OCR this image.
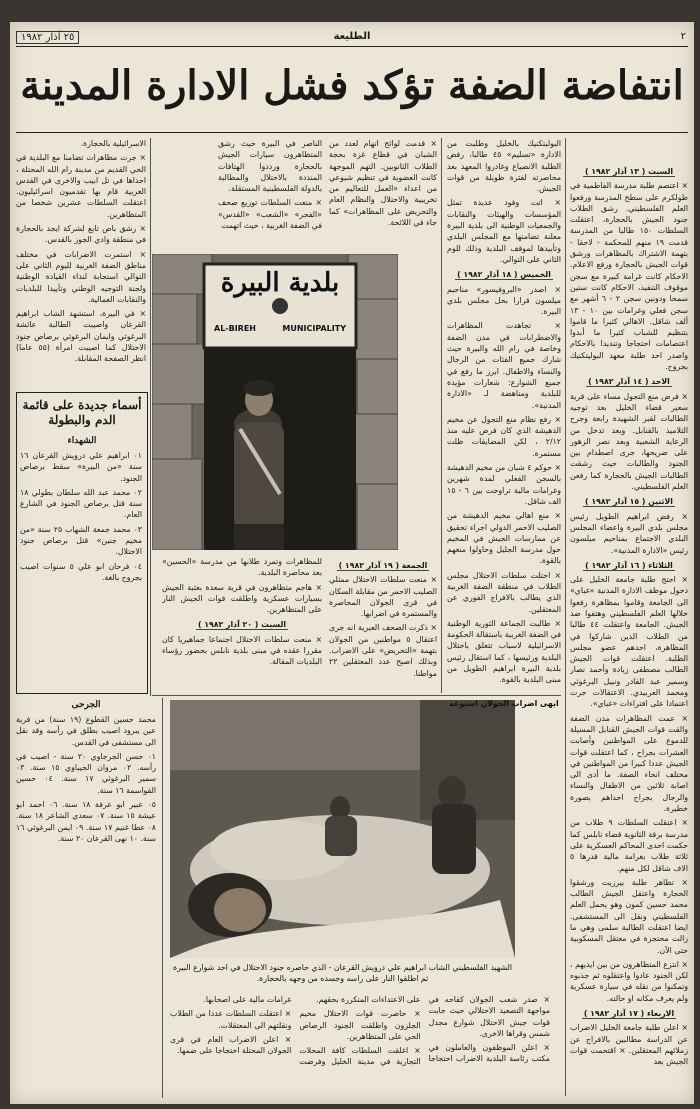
٢٥ آذار ١٩٨٢	الطليعة	٢
انتفاضة الضفة تؤكد فشل الادارة المدينة
السبت ( ١٣ آذار ١٩٨٢ )

× اعتصم طلبة مدرسة الفاطمية في طولكرم على سطح المدرسة ورفعوا العلم الفلسطيني. رشق الطلاب جنود الجيش بالحجارة، اعتقلت السلطات ١٥٠ طالبا من المدرسة قدمت ١٩ منهم للمحكمة - لاحقا - بتهمة الاشتراك بالمظاهرات ورشق قوات الجيش بالحجارة ورفع الاعلام. الاحكام كانت غرامة كبيرة مع سجن موقوف التنفيذ، الاحكام كانت ستين سمحا ودونين سجن ٢ - ٦ أشهر مع سجن فعلي وغرامات بين ١٠ - ١٣ ألف شاقل. الاهالي كثيرا ما قاموا بتنظيم للشباب كثيرا ما أبدوا اعتصامات احتجاجا وتنديدا بالاحكام واصدر احد طلبة معهد البوليتكنيك بجروح.

الاحد ( ١٤ آذار ١٩٨٢ )

× فرض منع التجول مساء على قرية سعير قضاء الخليل بعد توجيه الطالبات لقبر الشهيدة رابعة وجرح التلاميذ بالقنابل. وبعد تدخل من الرعاية الشعبية وبعد نصر الزهور على ضريحها، جرى اصطدام بين الجنود والطالبات حيث رشقت الطالبات الجيش بالحجارة كما رفعن العلم الفلسطيني.

الاثنين ( ١٥ آذار ١٩٨٢ )

× رفض ابراهيم الطويل رئيس مجلس بلدي البيرة واعضاء المجلس البلدي الاجتماع بمناحيم ميلسون رئيس «الادارة المدنية».

الثلاثاء ( ١٦ آذار ١٩٨٢ )

× احتج طلبة جامعة الخليل على دخول موظف الادارة المدنية «غباي» الى الجامعة وقاموا بمظاهرة رفعوا خلالها العلم الفلسطيني وهتفوا ضد الجيش. الجامعة واعتقلت ٤٤ طالبا من الطلاب الذين شاركوا في المظاهرة، احدهم عضو مجلس الطلبة. اعتقلت قوات الجيش الطالب مصطفى زيادة وأحمد نصار وسمير عبد القادر ونبيل البرغوثي ومحمد العربيدي. الاعتقالات جرت اعتمادا على افتراءات «غباي».

× عمت المظاهرات مدن الضفة والقت قوات الجيش القنابل المسيلة للدموع على المواطنين وأصابت العشرات بجراح ، كما اعتقلت قوات الجيش عددا كبيرا من المواطنين في مختلف انحاء الضفة. ما أدى الى اصابة ثلاثين من الاطفال والنساء والرجال بجراح احداهم بصورة خطيرة.

× اعتقلت السلطات ٩ طلاب من مدرسة برقة الثانوية قضاء نابلس كما حكمت احدى المحاكم العسكرية على ثلاثة طلاب بغرامة مالية قدرها ٥ الاف شاقل لكل منهم.

× تظاهر طلبة بيرزيت ورشقوا الحجارة واعتقل الجيش الطالب محمد حسين كمون وهو يحمل العلم الفلسطيني ونقل الى المستشفى. ايضا اعتقلت الطالبة سلمى وهي ما زالت محتجزة في معتقل المسكوبية حتى الآن.

× انتزع المتظاهرون من بين ايديهم ، لكن الجنود عادوا واعتقلوه ثم جذبوه وتمكنوا من نقله في سيارة عسكرية ولم يعرف مكانه او حالته.

الاربعاء ( ١٧ آذار ١٩٨٢ )

× اعلن طلبة جامعة الخليل الاضراب عن الدراسة مطالبين بالافراج عن زملائهم المعتقلين. × اقتحمت قوات الجيش بعد

البوليتكنيك بالخليل وطلبت من الادارة «تسليم» ٤٥ طالبا، رفض الطلبة الانصياع وغادروا المعهد بعد محاصرته لفترة طويلة من قوات الجيش.

× اتت وفود عديدة تمثل المؤسسات والهيئات والنقابات والجمعيات الوطنية الى بلدية البيرة معلنة تضامنها مع المجلس البلدي وتأييدها لموقف البلدية وذلك للوم الثاني على التوالي.

الخميس ( ١٨ آذار ١٩٨٢ )

× اصدر «البروفيسور» مناحيم ميلسون قرارا بحل مجلس بلدي البيرة.

× تجاهدت المظاهرات والاضطرابات في مدن الضفة وخاصة في رام الله والبيرة حيث شارك جميع الفئات من الرجال والنساء والاطفال. ابرز ما رفع في جميع الشوارع: شعارات مؤيدة للبلدية ومناهضة لـ «الادارة المدنية».

× رفع نظام منع التجول عن مخيم الدهيشة الذي كان فرض عليه منذ ٢/١٢ ، لكن المضايقات ظلت مستمرة.

× حوكم ٤ شبان من مخيم الدهيشة بالسجن الفعلي لمدة شهرين وغرامات مالية تراوحت بين ٦ - ١٥ الف شاقل.

× منع اهالي مخيم الدهيشة من الصليب الاحمر الدولي اجراء تحقيق عن ممارسات الجيش في المخيم حول مدرسة الجليل وحاولوا منعهم بالقوة.

× احتلت سلطات الاحتلال مجلس الطلاب في منطقة الضفة الغربية الذي يطالب بالافراج الفوري عن المعتقلين.

× طالبت الجماعة الثورية الوطنية في الضفة الغربية باستقالة الحكومة الاسرائيلية لاسباب تتعلق باحتلال البلدية ورئيسها ، كما استقال رئيس بلدية البيرة ابراهيم الطويل من مبنى البلدية بالقوة.

× قدمت لوائح اتهام لعدد من الشبان في قطاع غزة بحجة الطلاب الثانويين. التهم الموجهة كانت العضوية في تنظيم شيوعي من اعداء «العمل للتعاليم من تخريبية والاحتلال والنظام العام والتحريض على المظاهرات» كما جاء في اللائحة.

الناصر في البيرة حيث رشق المتظاهرون سيارات الجيش بالحجارة ورددوا الهتافات المنددة بالاحتلال والمطالبة بالدولة الفلسطينية المستقلة.

× منعت السلطات توزيع صحف «الفجر» «الشعب» «القدس» في الضفة الغربية ، حيث اتهمت

بلدية البيرة
AL-BIREH	MUNICIPALITY

الاسرائيلية بالحجارة.

× جرت مظاهرات تضامنا مع البلدية في الحي القديم من مدينة رام الله المحتلة ، احداها في تل ابيب والاخرى في القدس الغربية قام بها تقدميون اسرائيليون. اعتقلت السلطات عشرين شخصا من المتظاهرين.

× رشق باص تابع لشركة ايجد بالحجارة في منطقة وادي الجوز بالقدس.

× استمرت الاضرابات في مختلف مناطق الضفة الغربية لليوم الثاني على التوالي استجابة لنداء القيادة الوطنية ولجنة التوجيه الوطني وتأييدا للبلديات والنقابات العمالية.

× في البيرة، استشهد الشاب ابراهيم القرعان واصيبت الطالبة عائشة البرغوثي وايمان البرغوثي برصاص جنود الاحتلال كما اصيبت امرأة (٥٥ عاما) انظر الصفحة المقابلة.

أسماء جديدة على قائمة الدم والبطولة
الشهداء

٠١ ابراهيم علي درويش القرعان ١٦ سنة «من البيرة» سقط برصاص الجنود.

٠٢ محمد عبد الله سلطان بطولي ١٨ سنة قتل برصاص الجنود في الشارع العام.

٠٣ محمد جمعة الشهاب ٢٥ سنة «من مخيم جنين» قتل برصاص جنود الاحتلال.

٠٤ فرحان ابو علي ٥ سنوات اصيب بجروح بالغة.

الجمعة ( ١٩ آذار ١٩٨٢ )

× منعت سلطات الاحتلال ممثلي الصليب الاحمر من مقابلة السكان في قرى الجولان المحاصرة والمستمرة في اضرابها.

× ذكرت الصحف العبرية انه جرى اعتقال ٥ مواطنين من الجولان بتهمة «التحريض» على الاضراب. وبذلك اصبح عدد المعتقلين ٢٢ مواطنا.

للمظاهرات وتمرد طلابها من مدرسة «الحسين» بعد محاصرة البلدية.

× هاجم متظاهرون في قرية سعدة بعثبة الجيش بسيارات عسكرية واطلقت قوات الجيش النار على المتظاهرين.

السبت ( ٢٠ آذار ١٩٨٢ )

× منعت سلطات الاحتلال اجتماعا جماهيريا كان مقررا عقده في مبنى بلدية نابلس بحضور رؤساء البلديات المقالة.

الشهيد الفلسطيني الشاب ابراهيم علي درويش القرعان - الذي حاصره جنود الاحتلال في احد شوارع البيرة ثم اطلقوا النار على راسه وجسده من وجهه بالحجارة.
الجرحى

محمد حسين القطوع (١٩ سنة) من قرية عين يبرود اصيب بطلق في رأسه وقد نقل الى مستشفى في القدس.

٠١ حسن الجرجاوي ٢٠ سنة - اصيب في رأسه. ٠٢ مروان الجيباوي ١٥ سنة. ٠٣ سمير البرغوثي ١٧ سنة. ٠٤ حسين القواسمة ١٦ سنة.

٠٥ عبير ابو عرفة ١٨ سنة. ٠٦ احمد ابو عيشة ١٥ سنة. ٠٧ سعدي الشاعر ١٨ سنة. ٠٨ عطا غنيم ١٧ سنة. ٠٩ ايمن البرغوثي ١٦ سنة. ١٠ نهى القرعان ٢٠ سنة.

× صدر شعب الجولان كفاحه في مواجهة التصعيد الاحتلالي حيث جابت قوات جيش الاحتلال شوارع مجدل شمس وقراها الاخرى.

× اعلن الموظفون والعاملون في مكتب رئاسة البلدية الاضراب احتجاجا على الاعتداءات المتكررة بحقهم.

× حاصرت قوات الاحتلال مخيم الجلزون واطلقت الجنود الرصاص الحي على المتظاهرين.

× اغلقت السلطات كافة المحلات التجارية في مدينة الخليل وفرضت غرامات مالية على اصحابها.

× اعتقلت السلطات عددا من الطلاب ونقلتهم الى المعتقلات.

× اعلن الاضراب العام في قرى الجولان المحتلة احتجاجا على ضمها.

ابهى اضراب الجولان اسبوعه
